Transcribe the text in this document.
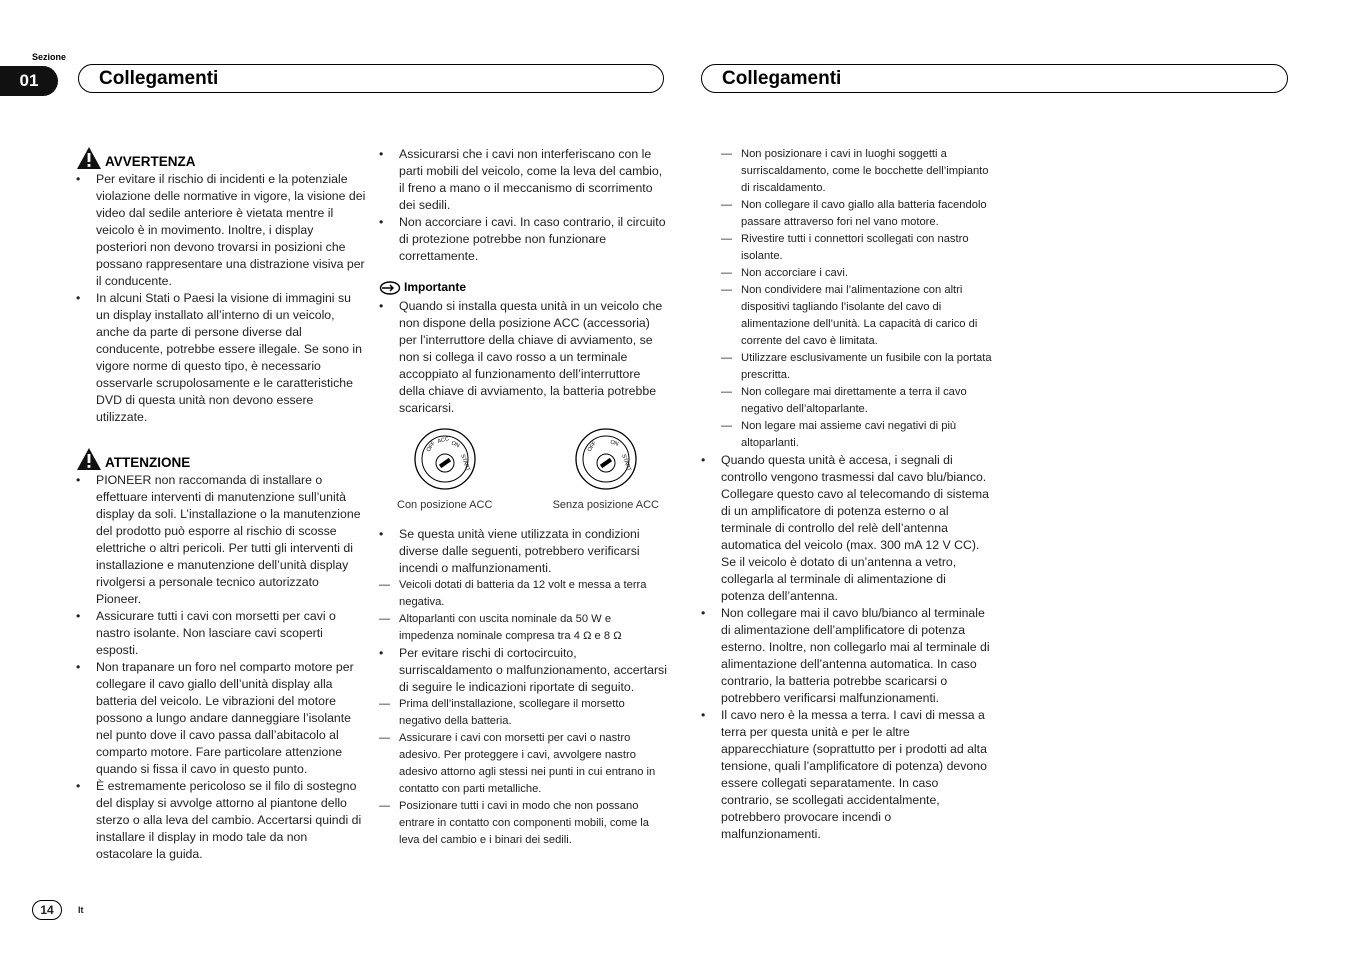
Sezione
01	Collegamenti	Collegamenti
AVVERTENZA
• Per evitare il rischio di incidenti e la potenziale violazione delle normative in vigore, la visione dei video dal sedile anteriore è vietata mentre il veicolo è in movimento. Inoltre, i display posteriori non devono trovarsi in posizioni che possano rappresentare una distrazione visiva per il conducente.
• In alcuni Stati o Paesi la visione di immagini su un display installato all’interno di un veicolo, anche da parte di persone diverse dal conducente, potrebbe essere illegale. Se sono in vigore norme di questo tipo, è necessario osservarle scrupolosamente e le caratteristiche DVD di questa unità non devono essere utilizzate.
ATTENZIONE
• PIONEER non raccomanda di installare o effettuare interventi di manutenzione sull’unità display da soli. L’installazione o la manutenzione del prodotto può esporre al rischio di scosse elettriche o altri pericoli. Per tutti gli interventi di installazione e manutenzione dell’unità display rivolgersi a personale tecnico autorizzato Pioneer.
• Assicurare tutti i cavi con morsetti per cavi o nastro isolante. Non lasciare cavi scoperti esposti.
• Non trapanare un foro nel comparto motore per collegare il cavo giallo dell’unità display alla batteria del veicolo. Le vibrazioni del motore possono a lungo andare danneggiare l’isolante nel punto dove il cavo passa dall’abitacolo al comparto motore. Fare particolare attenzione quando si fissa il cavo in questo punto.
• È estremamente pericoloso se il filo di sostegno del display si avvolge attorno al piantone dello sterzo o alla leva del cambio. Accertarsi quindi di installare il display in modo tale da non ostacolare la guida.
• Assicurarsi che i cavi non interferiscano con le parti mobili del veicolo, come la leva del cambio, il freno a mano o il meccanismo di scorrimento dei sedili.
• Non accorciare i cavi. In caso contrario, il circuito di protezione potrebbe non funzionare correttamente.
Importante
• Quando si installa questa unità in un veicolo che non dispone della posizione ACC (accessoria) per l’interruttore della chiave di avviamento, se non si collega il cavo rosso a un terminale accoppiato al funzionamento dell’interruttore della chiave di avviamento, la batteria potrebbe scaricarsi.
OFF
ACC ON
START
Con posizione ACC
OFF ON
START
Senza posizione ACC
• Se questa unità viene utilizzata in condizioni diverse dalle seguenti, potrebbero verificarsi incendi o malfunzionamenti.
— Veicoli dotati di batteria da 12 volt e messa a terra negativa.
— Altoparlanti con uscita nominale da 50 W e impedenza nominale compresa tra 4 Ω e 8 Ω
• Per evitare rischi di cortocircuito, surriscaldamento o malfunzionamento, accertarsi di seguire le indicazioni riportate di seguito.
— Prima dell’installazione, scollegare il morsetto negativo della batteria.
— Assicurare i cavi con morsetti per cavi o nastro adesivo. Per proteggere i cavi, avvolgere nastro adesivo attorno agli stessi nei punti in cui entrano in contatto con parti metalliche.
— Posizionare tutti i cavi in modo che non possano entrare in contatto con componenti mobili, come la leva del cambio e i binari dei sedili.
— Non posizionare i cavi in luoghi soggetti a surriscaldamento, come le bocchette dell’impianto di riscaldamento.
— Non collegare il cavo giallo alla batteria facendolo passare attraverso fori nel vano motore.
— Rivestire tutti i connettori scollegati con nastro isolante.
— Non accorciare i cavi.
— Non condividere mai l’alimentazione con altri dispositivi tagliando l’isolante del cavo di alimentazione dell’unità. La capacità di carico di corrente del cavo è limitata.
— Utilizzare esclusivamente un fusibile con la portata prescritta.
— Non collegare mai direttamente a terra il cavo negativo dell’altoparlante.
— Non legare mai assieme cavi negativi di più altoparlanti.
• Quando questa unità è accesa, i segnali di controllo vengono trasmessi dal cavo blu/bianco. Collegare questo cavo al telecomando di sistema di un amplificatore di potenza esterno o al terminale di controllo del relè dell’antenna automatica del veicolo (max. 300 mA 12 V CC). Se il veicolo è dotato di un’antenna a vetro, collegarla al terminale di alimentazione di potenza dell’antenna.
• Non collegare mai il cavo blu/bianco al terminale di alimentazione dell’amplificatore di potenza esterno. Inoltre, non collegarlo mai al terminale di alimentazione dell’antenna automatica. In caso contrario, la batteria potrebbe scaricarsi o potrebbero verificarsi malfunzionamenti.
• Il cavo nero è la messa a terra. I cavi di messa a terra per questa unità e per le altre apparecchiature (soprattutto per i prodotti ad alta tensione, quali l’amplificatore di potenza) devono essere collegati separatamente. In caso contrario, se scollegati accidentalmente, potrebbero provocare incendi o malfunzionamenti.
14	It
